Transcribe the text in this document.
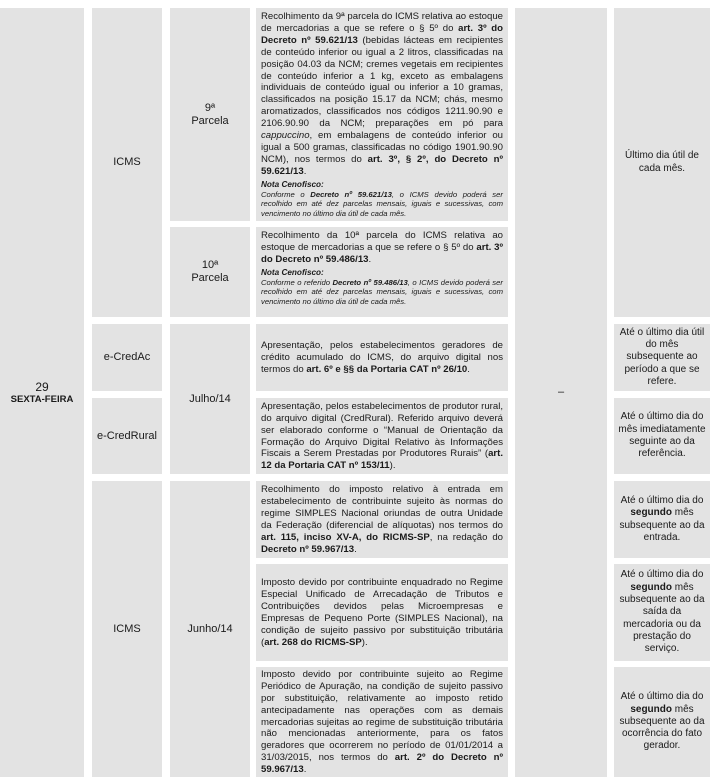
29
SEXTA-FEIRA
ICMS
e-CredAc
e-CredRural
ICMS
9ª Parcela
10ª Parcela
Julho/14
Junho/14

Recolhimento da 9ª parcela do ICMS relativa ao estoque de mercadorias a que se refere o § 5º do art. 3º do Decreto nº 59.621/13 (bebidas lácteas em recipientes de conteúdo inferior ou igual a 2 litros, classificadas na posição 04.03 da NCM; cremes vegetais em recipientes de conteúdo inferior a 1 kg, exceto as embalagens individuais de conteúdo igual ou inferior a 10 gramas, classificados na posição 15.17 da NCM; chás, mesmo aromatizados, classificados nos códigos 1211.90.90 e 2106.90.90 da NCM; preparações em pó para cappuccino, em embalagens de conteúdo inferior ou igual a 500 gramas, classificadas no código 1901.90.90 NCM), nos termos do art. 3º, § 2º, do Decreto nº 59.621/13.

Nota Cenofisco:
Conforme o Decreto nº 59.621/13, o ICMS devido poderá ser recolhido em até dez parcelas mensais, iguais e sucessivas, com vencimento no último dia útil de cada mês.

Recolhimento da 10ª parcela do ICMS relativa ao estoque de mercadorias a que se refere o § 5º do art. 3º do Decreto nº 59.486/13.

Nota Cenofisco:
Conforme o referido Decreto nº 59.486/13, o ICMS devido poderá ser recolhido em até dez parcelas mensais, iguais e sucessivas, com vencimento no último dia útil de cada mês.

Apresentação, pelos estabelecimentos geradores de crédito acumulado do ICMS, do arquivo digital nos termos do art. 6º e §§ da Portaria CAT nº 26/10.

Apresentação, pelos estabelecimentos de produtor rural, do arquivo digital (CredRural). Referido arquivo deverá ser elaborado conforme o “Manual de Orientação da Formação do Arquivo Digital Relativo às Informações Fiscais a Serem Prestadas por Produtores Rurais” (art. 12 da Portaria CAT nº 153/11).

Recolhimento do imposto relativo à entrada em estabelecimento de contribuinte sujeito às normas do regime SIMPLES Nacional oriundas de outra Unidade da Federação (diferencial de alíquotas) nos termos do art. 115, inciso XV-A, do RICMS-SP, na redação do Decreto nº 59.967/13.

Imposto devido por contribuinte enquadrado no Regime Especial Unificado de Arrecadação de Tributos e Contribuições devidos pelas Microempresas e Empresas de Pequeno Porte (SIMPLES Nacional), na condição de sujeito passivo por substituição tributária (art. 268 do RICMS-SP).

Imposto devido por contribuinte sujeito ao Regime Periódico de Apuração, na condição de sujeito passivo por substituição, relativamente ao imposto retido antecipadamente nas operações com as demais mercadorias sujeitas ao regime de substituição tributária não mencionadas anteriormente, para os fatos geradores que ocorrerem no período de 01/01/2014 a 31/03/2015, nos termos do art. 2º do Decreto nº 59.967/13.

–
Último dia útil de cada mês.
Até o último dia útil do mês subsequente ao período a que se refere.
Até o último dia do mês imediatamente seguinte ao da referência.
Até o último dia do segundo mês subsequente ao da entrada.
Até o último dia do segundo mês subsequente ao da saída da mercadoria ou da prestação do serviço.
Até o último dia do segundo mês subsequente ao da ocorrência do fato gerador.
